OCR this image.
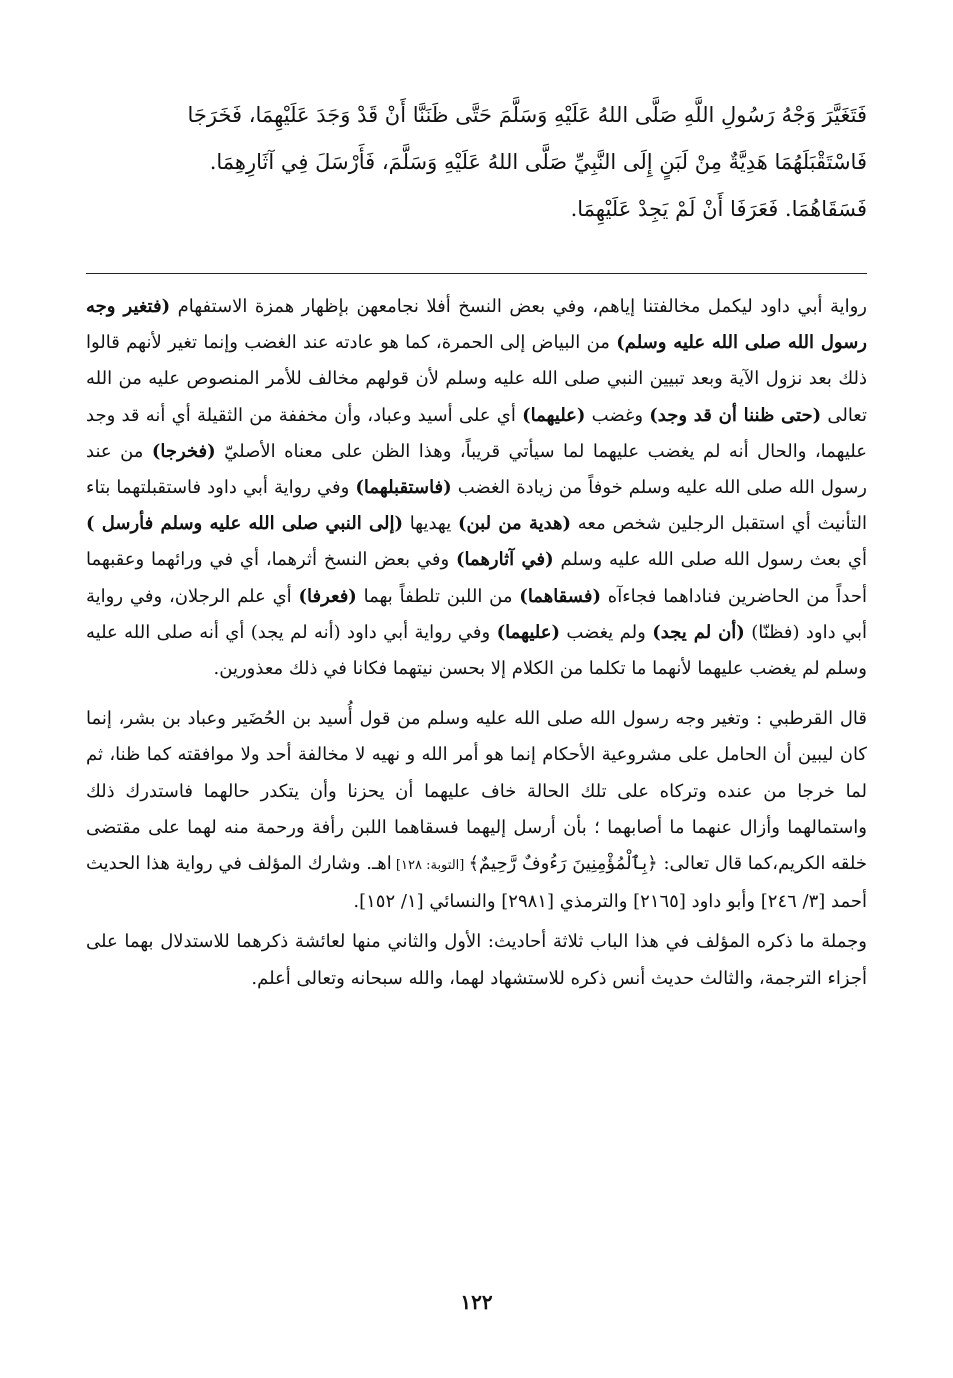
فَتَغَيَّرَ وَجْهُ رَسُولِ اللَّهِ صَلَّى اللهُ عَلَيْهِ وَسَلَّمَ حَتَّى ظَنَنَّا أَنْ قَدْ وَجَدَ عَلَيْهِمَا، فَخَرَجَا

فَاسْتَقْبَلَهُمَا هَدِيَّةٌ مِنْ لَبَنٍ إِلَى النَّبِيِّ صَلَّى اللهُ عَلَيْهِ وَسَلَّمَ، فَأَرْسَلَ فِي آثَارِهِمَا.

فَسَقَاهُمَا. فَعَرَفَا أَنْ لَمْ يَجِدْ عَلَيْهِمَا.

رواية أبي داود ليكمل مخالفتنا إياهم، وفي بعض النسخ أفلا نجامعهن بإظهار همزة الاستفهام (فتغير وجه رسول الله صلى الله عليه وسلم) من البياض إلى الحمرة، كما هو عادته عند الغضب وإنما تغير لأنهم قالوا ذلك بعد نزول الآية وبعد تبيين النبي صلى الله عليه وسلم لأن قولهم مخالف للأمر المنصوص عليه من الله تعالى (حتى ظننا أن قد وجد) وغضب (عليهما) أي على أسيد وعباد، وأن مخففة من الثقيلة أي أنه قد وجد عليهما، والحال أنه لم يغضب عليهما لما سيأتي قريباً، وهذا الظن على معناه الأصليّ (فخرجا) من عند رسول الله صلى الله عليه وسلم خوفاً من زيادة الغضب (فاستقبلهما) وفي رواية أبي داود فاستقبلتهما بتاء التأنيث أي استقبل الرجلين شخص معه (هدية من لبن) يهديها (إلى النبي صلى الله عليه وسلم فأرسل ) أي بعث رسول الله صلى الله عليه وسلم (في آثارهما) وفي بعض النسخ أثرهما، أي في ورائهما وعقبهما أحداً من الحاضرين فناداهما فجاءآه (فسقاهما) من اللبن تلطفاً بهما (فعرفا) أي علم الرجلان، وفي رواية أبي داود (فظنّا) (أن لم يجد) ولم يغضب (عليهما) وفي رواية أبي داود (أنه لم يجد) أي أنه صلى الله عليه وسلم لم يغضب عليهما لأنهما ما تكلما من الكلام إلا بحسن نيتهما فكانا في ذلك معذورين.

قال القرطبي : وتغير وجه رسول الله صلى الله عليه وسلم من قول أُسيد بن الحُضَير وعباد بن بشر، إنما كان ليبين أن الحامل على مشروعية الأحكام إنما هو أمر الله و نهيه لا مخالفة أحد ولا موافقته كما ظنا، ثم لما خرجا من عنده وتركاه على تلك الحالة خاف عليهما أن يحزنا وأن يتكدر حالهما فاستدرك ذلك واستمالهما وأزال عنهما ما أصابهما ؛ بأن أرسل إليهما فسقاهما اللبن رأفة ورحمة منه لهما على مقتضى خلقه الكريم،كما قال تعالى: ﴿بِٱلْمُؤْمِنِينَ رَءُوفٌ رَّحِيمٌ﴾ [التوبة: ١٢٨] اهـ. وشارك المؤلف في رواية هذا الحديث أحمد [٣/ ٢٤٦] وأبو داود [٢١٦٥] والترمذي [٢٩٨١] والنسائي [١/ ١٥٢].

وجملة ما ذكره المؤلف في هذا الباب ثلاثة أحاديث: الأول والثاني منها لعائشة ذكرهما للاستدلال بهما على أجزاء الترجمة، والثالث حديث أنس ذكره للاستشهاد لهما، والله سبحانه وتعالى أعلم.

١٢٢
